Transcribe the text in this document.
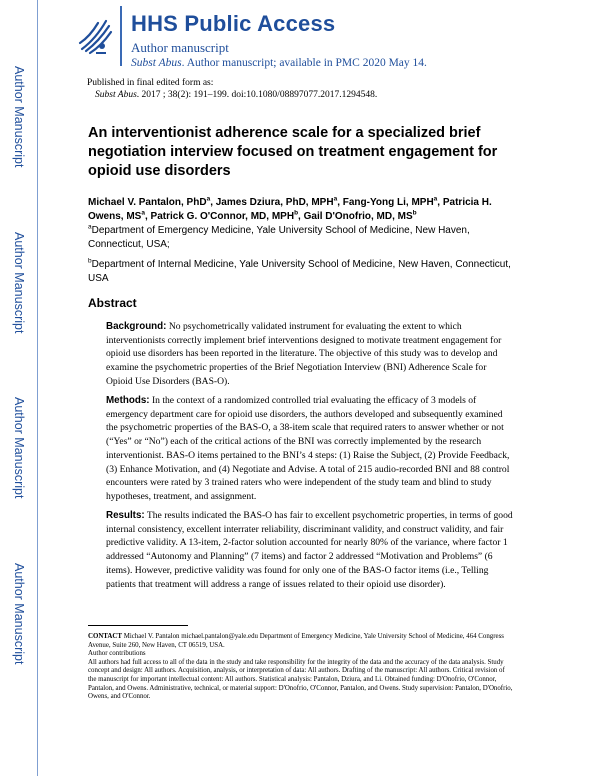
HHS Public Access
Author manuscript
Subst Abus. Author manuscript; available in PMC 2020 May 14.
Author Manuscript
Author Manuscript
Author Manuscript
Author Manuscript
Published in final edited form as:
Subst Abus. 2017 ; 38(2): 191–199. doi:10.1080/08897077.2017.1294548.
An interventionist adherence scale for a specialized brief negotiation interview focused on treatment engagement for opioid use disorders
Michael V. Pantalon, PhD$^a$, James Dziura, PhD, MPH$^a$, Fang-Yong Li, MPH$^a$, Patricia H. Owens, $MS^a$, Patrick G. O'Connor, MD, MPH$^b$, Gail D'Onofrio, MD, $MS^b$
$^a$Department of Emergency Medicine, Yale University School of Medicine, New Haven, Connecticut, USA;
$^b$Department of Internal Medicine, Yale University School of Medicine, New Haven, Connecticut, USA
Abstract
Background: No psychometrically validated instrument for evaluating the extent to which interventionists correctly implement brief interventions designed to motivate treatment engagement for opioid use disorders has been reported in the literature. The objective of this study was to develop and examine the psychometric properties of the Brief Negotiation Interview (BNI) Adherence Scale for Opioid Use Disorders (BAS-O).
Methods: In the context of a randomized controlled trial evaluating the efficacy of 3 models of emergency department care for opioid use disorders, the authors developed and subsequently examined the psychometric properties of the BAS-O, a 38-item scale that required raters to answer whether or not (“Yes” or “No”) each of the critical actions of the BNI was correctly implemented by the research interventionist. BAS-O items pertained to the BNI’s 4 steps: (1) Raise the Subject, (2) Provide Feedback, (3) Enhance Motivation, and (4) Negotiate and Advise. A total of 215 audio-recorded BNI and 88 control encounters were rated by 3 trained raters who were independent of the study team and blind to study hypotheses, treatment, and assignment.
Results: The results indicated the BAS-O has fair to excellent psychometric properties, in terms of good internal consistency, excellent interrater reliability, discriminant validity, and construct validity, and fair predictive validity. A 13-item, 2-factor solution accounted for nearly 80% of the variance, where factor 1 addressed “Autonomy and Planning” (7 items) and factor 2 addressed “Motivation and Problems” (6 items). However, predictive validity was found for only one of the BAS-O factor items (i.e., Telling patients that treatment will address a range of issues related to their opioid use disorder).
CONTACT Michael V. Pantalon michael.pantalon@yale.edu Department of Emergency Medicine, Yale University School of Medicine, 464 Congress Avenue, Suite 260, New Haven, CT 06519, USA.
Author contributions
All authors had full access to all of the data in the study and take responsibility for the integrity of the data and the accuracy of the data analysis. Study concept and design: All authors. Acquisition, analysis, or interpretation of data: All authors. Drafting of the manuscript: All authors. Critical revision of the manuscript for important intellectual content: All authors. Statistical analysis: Pantalon, Dziura, and Li. Obtained funding: D'Onofrio, O'Connor, Pantalon, and Owens. Administrative, technical, or material support: D'Onofrio, O'Connor, Pantalon, and Owens. Study supervision: Pantalon, D'Onofrio, Owens, and O'Connor.
